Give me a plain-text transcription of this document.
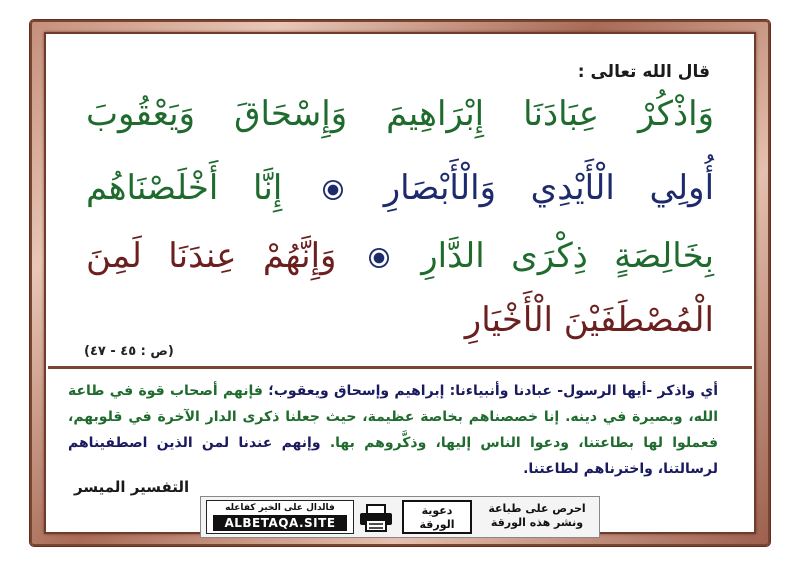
قال الله تعالى :
وَاذْكُرْ عِبَادَنَا إِبْرَاهِيمَ وَإِسْحَاقَ وَيَعْقُوبَ
أُولِي الْأَيْدِي وَالْأَبْصَارِ  إِنَّا أَخْلَصْنَاهُم
بِخَالِصَةٍ ذِكْرَى الدَّارِ  وَإِنَّهُمْ عِندَنَا لَمِنَ
الْمُصْطَفَيْنَ الْأَخْيَارِ
(ص : ٤٥ - ٤٧)
أي واذكر -أيها الرسول- عبادنا وأنبياءنا: إبراهيم وإسحاق ويعقوب؛ فإنهم أصحاب قوة في طاعة الله، وبصيرة في دينه. إنا خصصناهم بخاصة عظيمة، حيث جعلنا ذكرى الدار الآخرة في قلوبهم، فعملوا لها بطاعتنا، ودعوا الناس إليها، وذكَّروهم بها. وإنهم عندنا لمن الذين اصطفيناهم لرسالتنا، واخترناهم لطاعتنا.
التفسير الميسر
فالدال على الخير كفاعله
ALBETAQA.SITE
دعوية
الورقة
احرص على طباعة
ونشر هذه الورقة
